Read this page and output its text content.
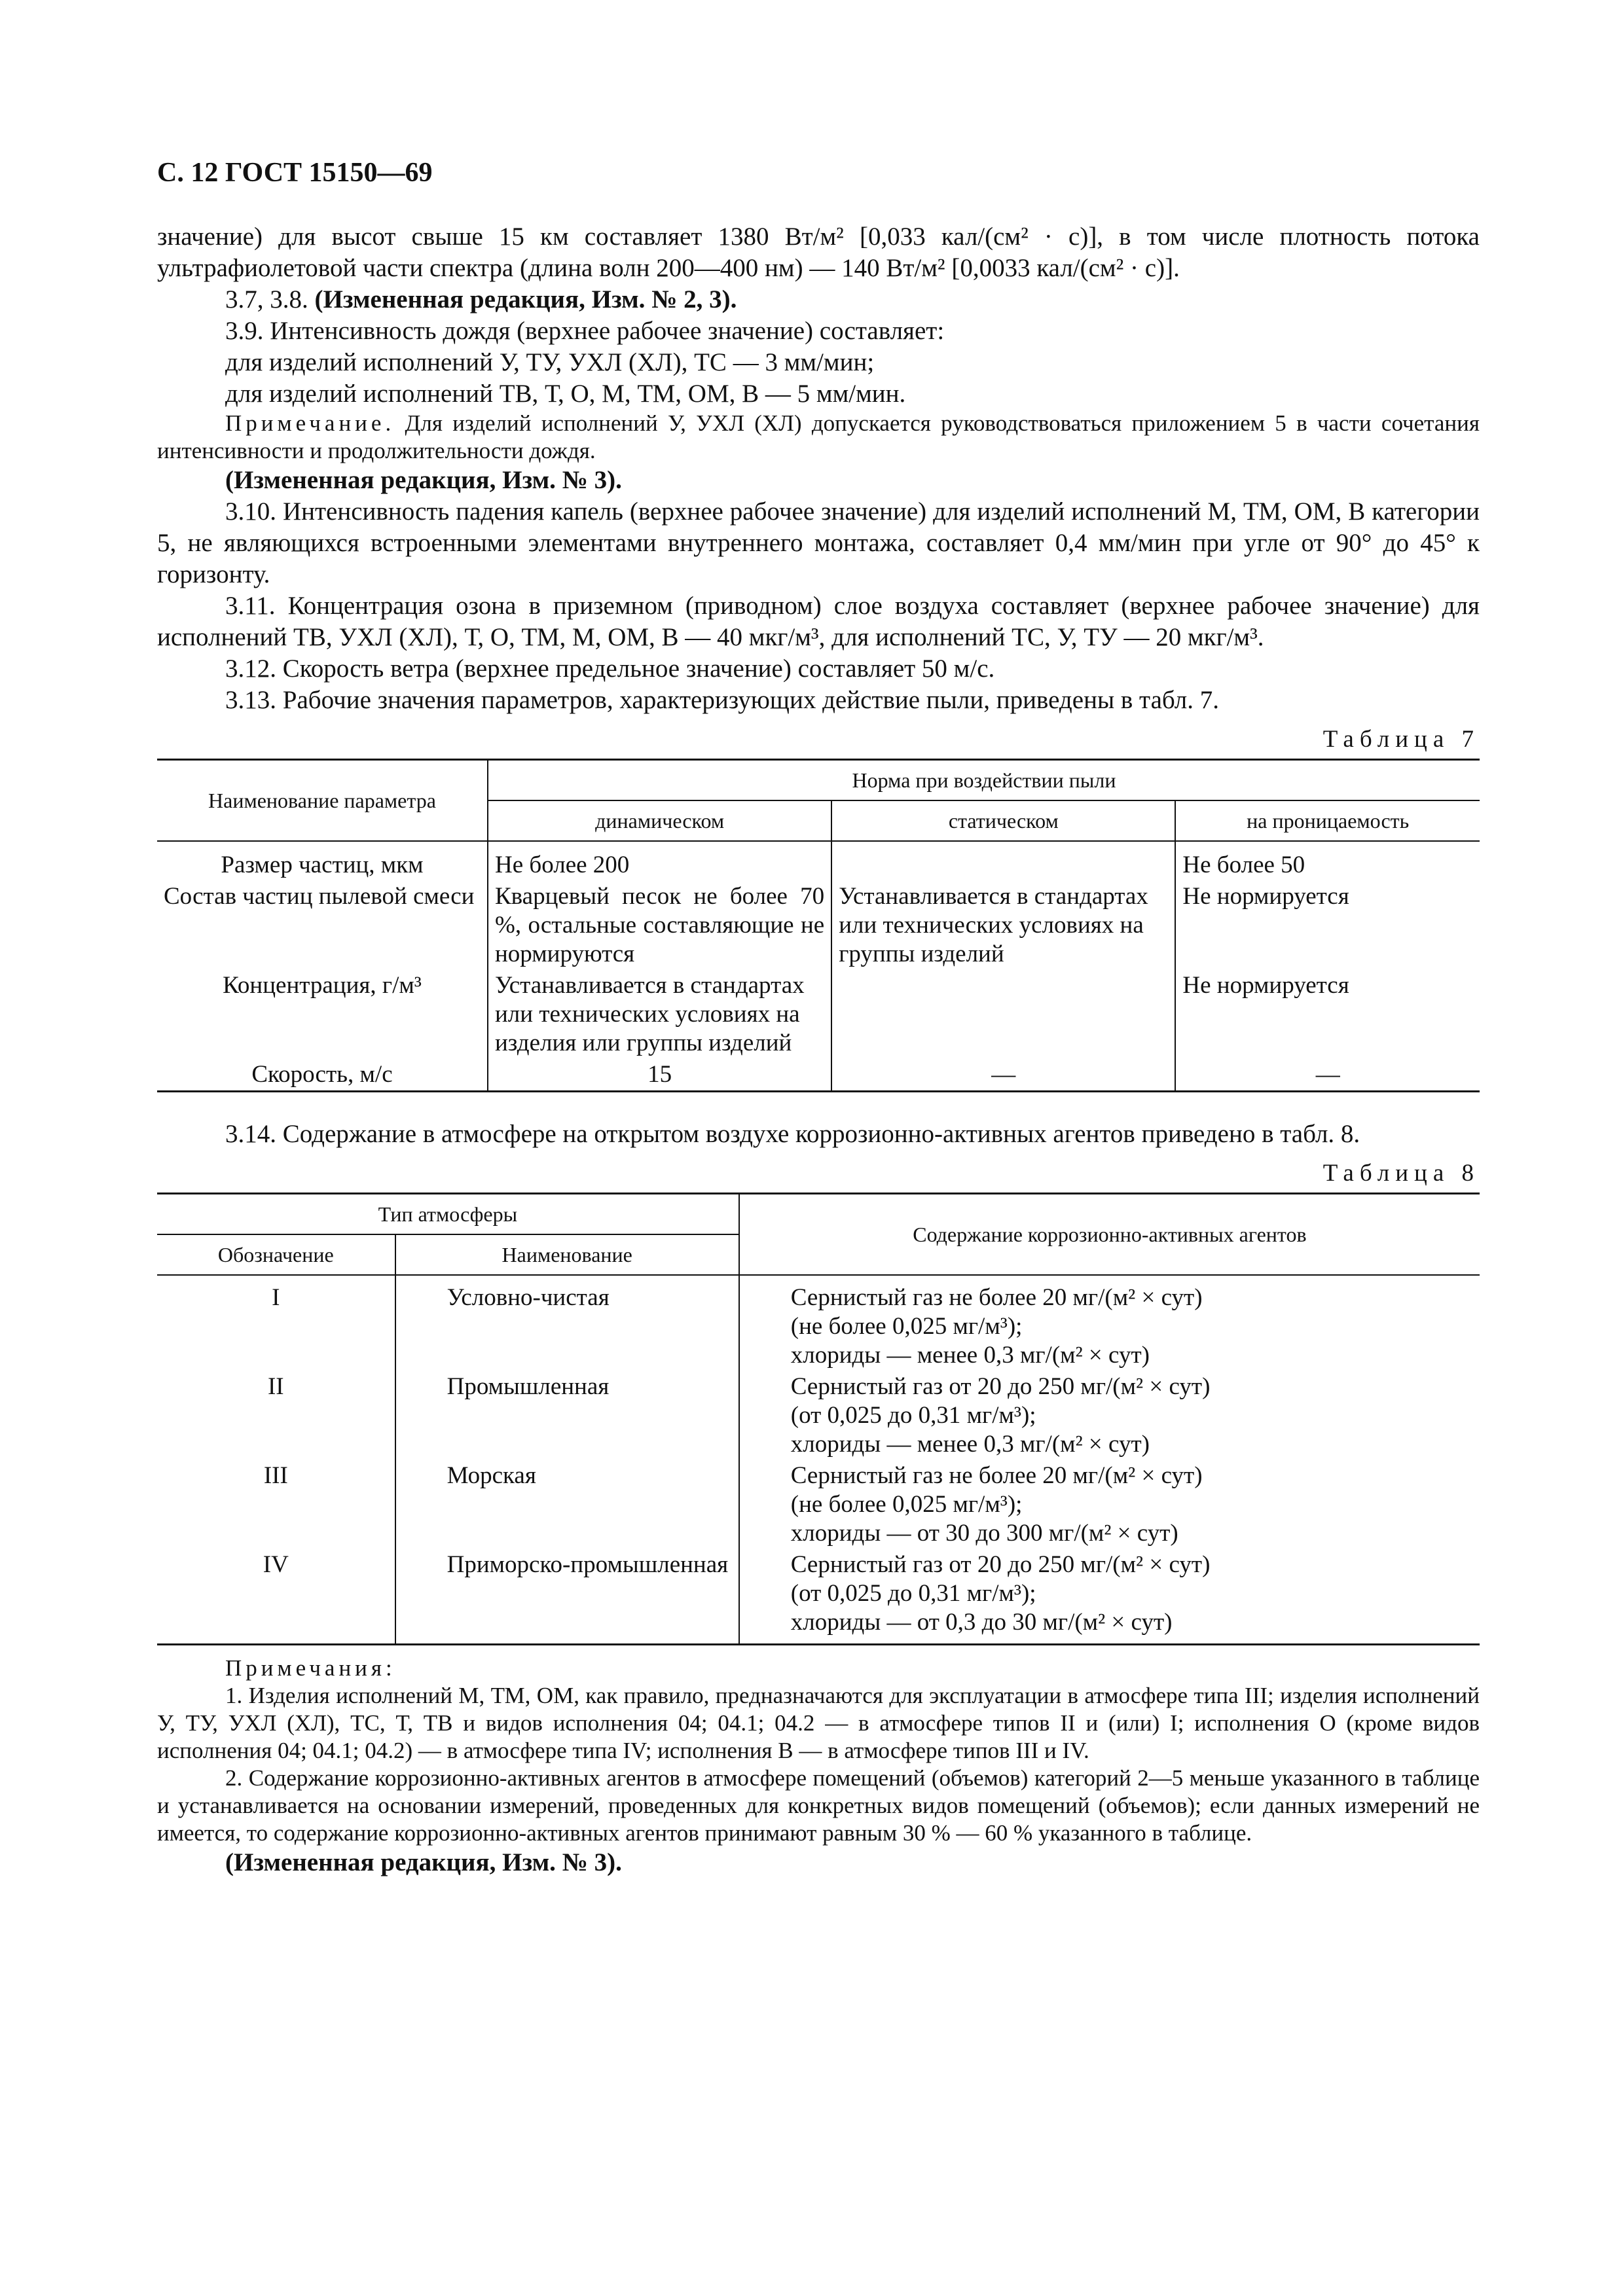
С. 12 ГОСТ 15150—69

значение) для высот свыше 15 км составляет 1380 Вт/м² [0,033 кал/(см² · с)], в том числе плотность потока ультрафиолетовой части спектра (длина волн 200—400 нм) — 140 Вт/м² [0,0033 кал/(см² · с)].

3.7, 3.8. (Измененная редакция, Изм. № 2, 3).

3.9. Интенсивность дождя (верхнее рабочее значение) составляет:

для изделий исполнений У, ТУ, УХЛ (ХЛ), ТС — 3 мм/мин;

для изделий исполнений ТВ, Т, О, М, ТМ, ОМ, В — 5 мм/мин.

Примечание. Для изделий исполнений У, УХЛ (ХЛ) допускается руководствоваться приложением 5 в части сочетания интенсивности и продолжительности дождя.

(Измененная редакция, Изм. № 3).

3.10. Интенсивность падения капель (верхнее рабочее значение) для изделий исполнений М, ТМ, ОМ, В категории 5, не являющихся встроенными элементами внутреннего монтажа, составляет 0,4 мм/мин при угле от 90° до 45° к горизонту.

3.11. Концентрация озона в приземном (приводном) слое воздуха составляет (верхнее рабочее значение) для исполнений ТВ, УХЛ (ХЛ), Т, О, ТМ, М, ОМ, В — 40 мкг/м³, для исполнений ТС, У, ТУ — 20 мкг/м³.

3.12. Скорость ветра (верхнее предельное значение) составляет 50 м/с.

3.13. Рабочие значения параметров, характеризующих действие пыли, приведены в табл. 7.

Таблица 7
Наименование параметра	Норма при воздействии пыли		
	динамическом	статическом	на проницаемость
Размер частиц, мкм	Не более 200		Не более 50
Состав частиц пылевой смеси	Кварцевый песок не более 70 %, остальные составляющие не нормируются	Устанавливается в стандартах или технических условиях на группы изделий	Не нормируется
Концентрация, г/м³	Устанавливается в стандартах или технических условиях на изделия или группы изделий		Не нормируется
Скорость, м/с	15	—	—

3.14. Содержание в атмосфере на открытом воздухе коррозионно-активных агентов приведено в табл. 8.

Таблица 8
Тип атмосферы		Содержание коррозионно-активных агентов
Обозначение	Наименование	
I	Условно-чистая	Сернистый газ не более 20 мг/(м² × сут)
(не более 0,025 мг/м³);
хлориды — менее 0,3 мг/(м² × сут)

II	Промышленная	Сернистый газ от 20 до 250 мг/(м² × сут)
(от 0,025 до 0,31 мг/м³);
хлориды — менее 0,3 мг/(м² × сут)

III	Морская	Сернистый газ не более 20 мг/(м² × сут)
(не более 0,025 мг/м³);
хлориды — от 30 до 300 мг/(м² × сут)

IV	Приморско-промышленная	Сернистый газ от 20 до 250 мг/(м² × сут)
(от 0,025 до 0,31 мг/м³);
хлориды — от 0,3 до 30 мг/(м² × сут)

Примечания:

1. Изделия исполнений М, ТМ, ОМ, как правило, предназначаются для эксплуатации в атмосфере типа III; изделия исполнений У, ТУ, УХЛ (ХЛ), ТС, Т, ТВ и видов исполнения 04; 04.1; 04.2 — в атмосфере типов II и (или) I; исполнения О (кроме видов исполнения 04; 04.1; 04.2) — в атмосфере типа IV; исполнения В — в атмосфере типов III и IV.

2. Содержание коррозионно-активных агентов в атмосфере помещений (объемов) категорий 2—5 меньше указанного в таблице и устанавливается на основании измерений, проведенных для конкретных видов помещений (объемов); если данных измерений не имеется, то содержание коррозионно-активных агентов принимают равным 30 % — 60 % указанного в таблице.

(Измененная редакция, Изм. № 3).
